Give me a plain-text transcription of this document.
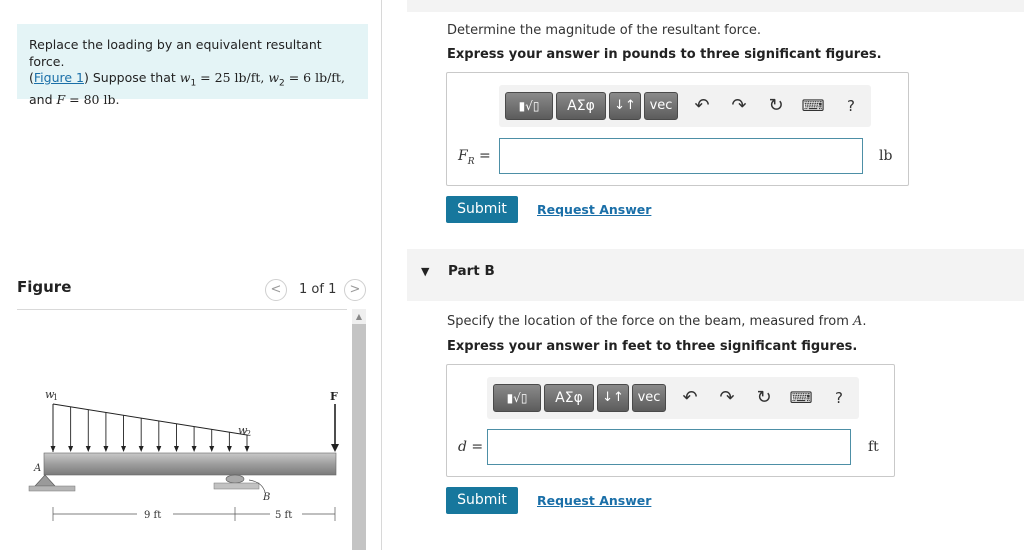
Replace the loading by an equivalent resultant force.
(Figure 1) Suppose that $w_1 = 25$ lb/ft, $w_2 = 6$ lb/ft,
and F = 80 lb.
Figure	<	1 of 1	>
▲
w
1
w
2
F
A
B
9 ft	5 ft
Determine the magnitude of the resultant force.
Express your answer in pounds to three significant figures.
▮√▯	ΑΣφ	↓↑	vec	↶ ↷ ↻ ⌨	?
$F_R$ =	lb
Submit	Request Answer
▼ Part B
Specify the location of the force on the beam, measured from A.
Express your answer in feet to three significant figures.
▮√▯	ΑΣφ	↓↑	vec	↶ ↷ ↻ ⌨	?
d =	ft
Submit	Request Answer
